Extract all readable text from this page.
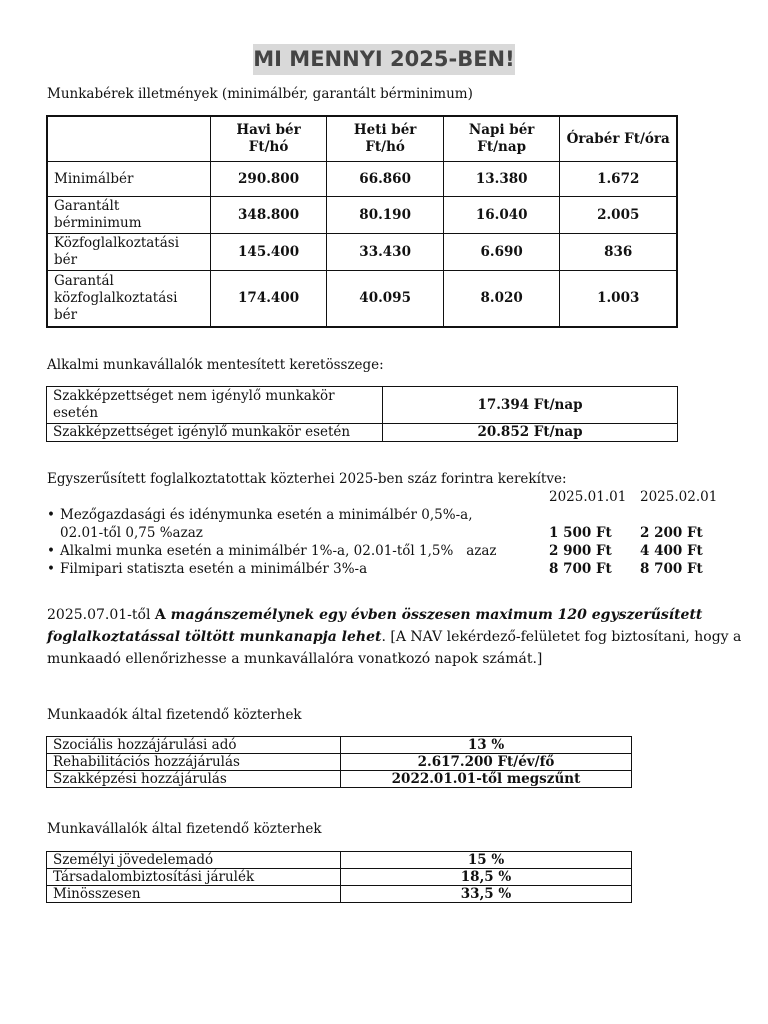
MI MENNYI 2025-BEN!
Munkabérek illetmények (minimálbér, garantált bérminimum)
	Havi bér Ft/hó	Heti bér Ft/hó	Napi bér Ft/nap	Órabér Ft/óra
Minimálbér	290.800	66.860	13.380	1.672
Garantált bérminimum	348.800	80.190	16.040	2.005
Közfoglalkoztatási bér	145.400	33.430	6.690	836
Garantál közfoglalkoztatási bér	174.400	40.095	8.020	1.003
Alkalmi munkavállalók mentesített keretösszege:
Szakképzettséget nem igénylő munkakör esetén	17.394 Ft/nap
Szakképzettséget igénylő munkakör esetén	20.852 Ft/nap
Egyszerűsített foglalkoztatottak közterhei 2025-ben száz forintra kerekítve:
2025.01.01 2025.02.01
• Mezőgazdasági és idénymunka esetén a minimálbér 0,5%-a,
02.01-től 0,75 %azaz	1 500 Ft 2 200 Ft
• Alkalmi munka esetén a minimálbér 1%-a, 02.01-től 1,5%   azaz	2 900 Ft 4 400 Ft
• Filmipari statiszta esetén a minimálbér 3%-a	8 700 Ft 8 700 Ft
2025.07.01-től A magánszemélynek egy évben összesen maximum 120 egyszerűsített
foglalkoztatással töltött munkanapja lehet. [A NAV lekérdező-felületet fog biztosítani, hogy a
munkaadó ellenőrizhesse a munkavállalóra vonatkozó napok számát.]
Munkaadók által fizetendő közterhek
Szociális hozzájárulási adó	13 %
Rehabilitációs hozzájárulás	2.617.200 Ft/év/fő
Szakképzési hozzájárulás	2022.01.01-től megszűnt
Munkavállalók által fizetendő közterhek
Személyi jövedelemadó	15 %
Társadalombiztosítási járulék	18,5 %
Minösszesen	33,5 %
